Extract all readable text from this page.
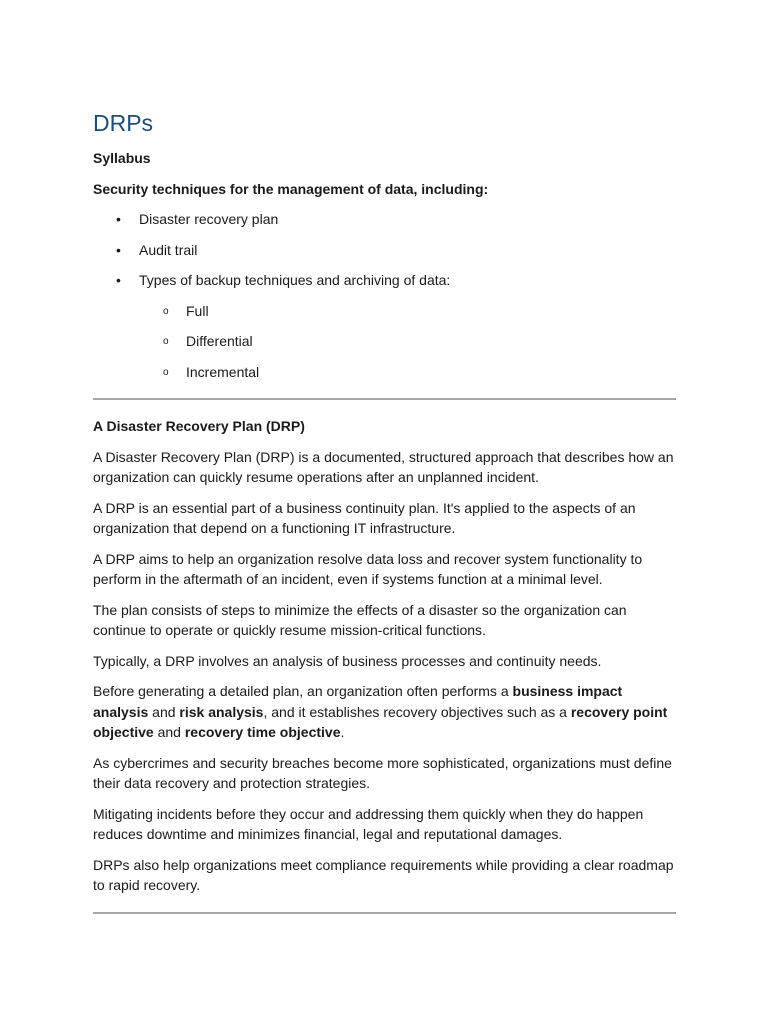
DRPs
Syllabus
Security techniques for the management of data, including:
• Disaster recovery plan
• Audit trail
• Types of backup techniques and archiving of data:
o Full
o Differential
o Incremental
A Disaster Recovery Plan (DRP)

A Disaster Recovery Plan (DRP) is a documented, structured approach that describes how an organization can quickly resume operations after an unplanned incident.

A DRP is an essential part of a business continuity plan. It's applied to the aspects of an organization that depend on a functioning IT infrastructure.

A DRP aims to help an organization resolve data loss and recover system functionality to perform in the aftermath of an incident, even if systems function at a minimal level.

The plan consists of steps to minimize the effects of a disaster so the organization can continue to operate or quickly resume mission-critical functions.

Typically, a DRP involves an analysis of business processes and continuity needs.

Before generating a detailed plan, an organization often performs a business impact analysis and risk analysis, and it establishes recovery objectives such as a recovery point objective and recovery time objective.

As cybercrimes and security breaches become more sophisticated, organizations must define their data recovery and protection strategies.

Mitigating incidents before they occur and addressing them quickly when they do happen reduces downtime and minimizes financial, legal and reputational damages.

DRPs also help organizations meet compliance requirements while providing a clear roadmap to rapid recovery.
